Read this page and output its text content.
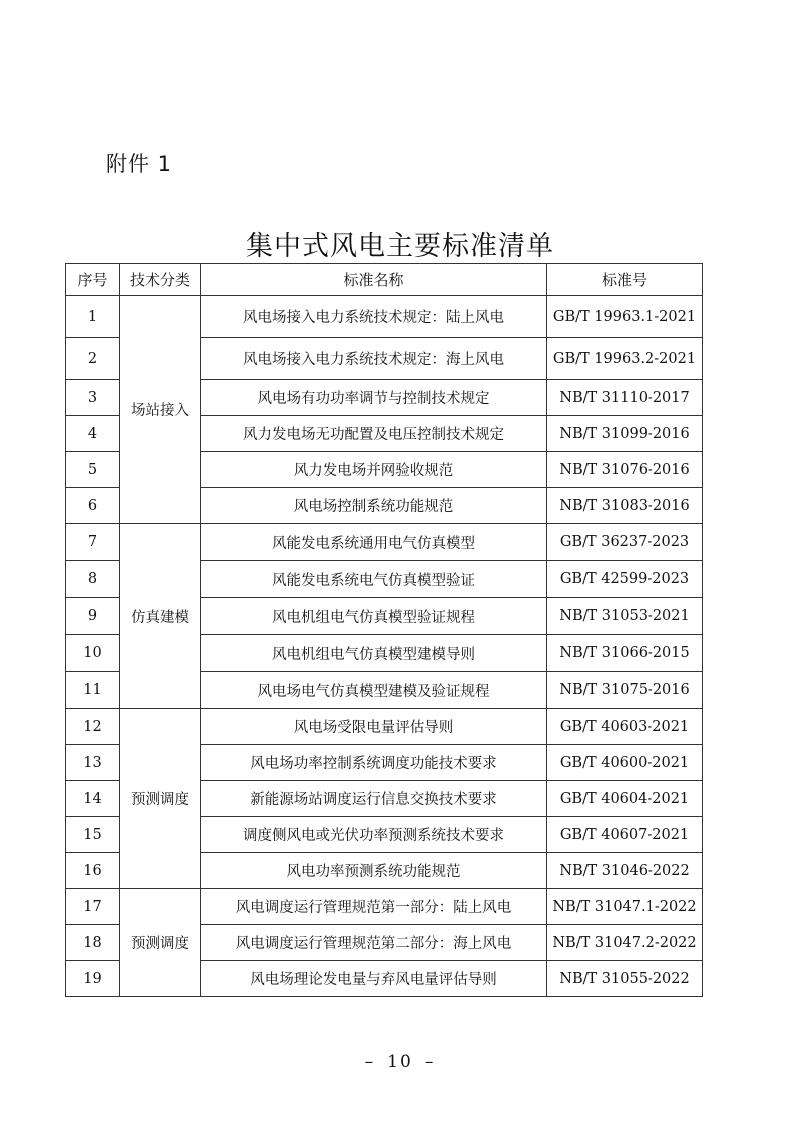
附件 1
集中式风电主要标准清单
序号	技术分类	标准名称	标准号
1	场站接入	风电场接入电力系统技术规定：陆上风电	GB/T 19963.1-2021
2		风电场接入电力系统技术规定：海上风电	GB/T 19963.2-2021
3		风电场有功功率调节与控制技术规定	NB/T 31110-2017
4		风力发电场无功配置及电压控制技术规定	NB/T 31099-2016
5		风力发电场并网验收规范	NB/T 31076-2016
6		风电场控制系统功能规范	NB/T 31083-2016
7	仿真建模	风能发电系统通用电气仿真模型	GB/T 36237-2023
8		风能发电系统电气仿真模型验证	GB/T 42599-2023
9		风电机组电气仿真模型验证规程	NB/T 31053-2021
10		风电机组电气仿真模型建模导则	NB/T 31066-2015
11		风电场电气仿真模型建模及验证规程	NB/T 31075-2016
12	预测调度	风电场受限电量评估导则	GB/T 40603-2021
13		风电场功率控制系统调度功能技术要求	GB/T 40600-2021
14		新能源场站调度运行信息交换技术要求	GB/T 40604-2021
15		调度侧风电或光伏功率预测系统技术要求	GB/T 40607-2021
16		风电功率预测系统功能规范	NB/T 31046-2022
17	预测调度	风电调度运行管理规范第一部分：陆上风电	NB/T 31047.1-2022
18		风电调度运行管理规范第二部分：海上风电	NB/T 31047.2-2022
19		风电场理论发电量与弃风电量评估导则	NB/T 31055-2022
– 10 –
